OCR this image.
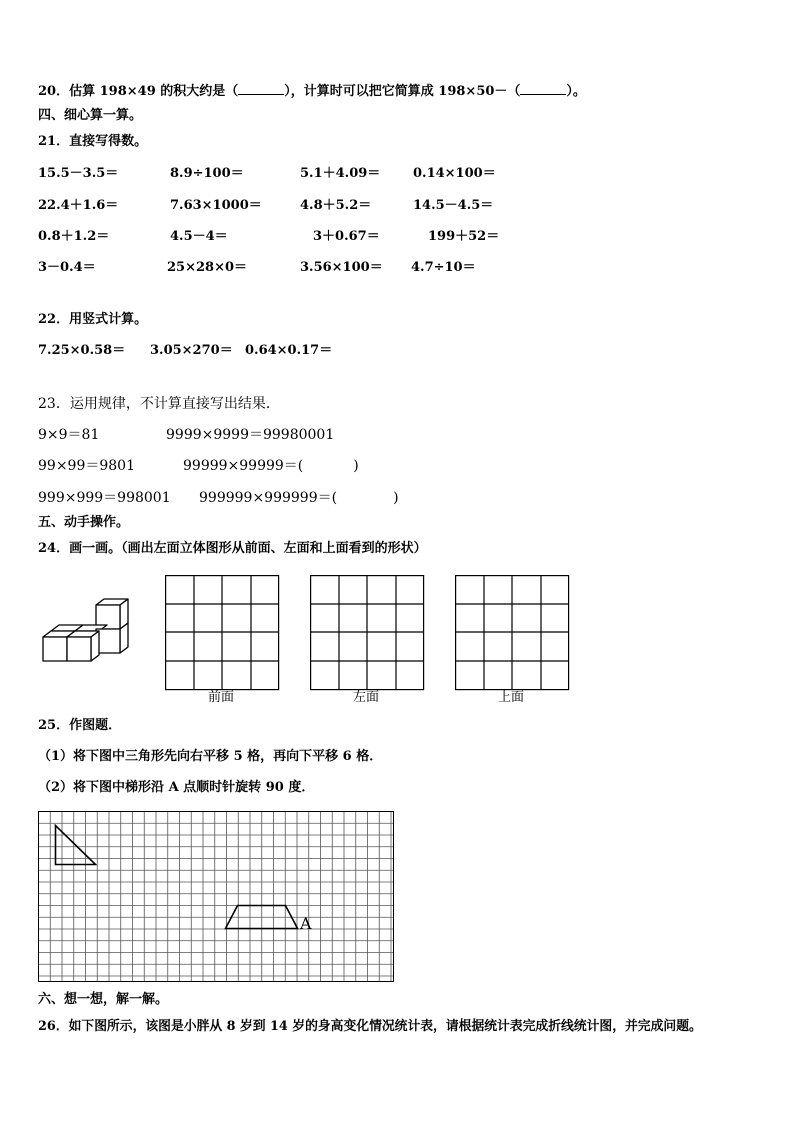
20．估算 198×49 的积大约是（	），计算时可以把它简算成 198×50－（	）。
四、细心算一算。
21．直接写得数。
15.5－3.5＝	8.9÷100＝	5.1＋4.09＝	0.14×100＝
22.4＋1.6＝	7.63×1000＝	4.8＋5.2＝	14.5－4.5＝
0.8＋1.2＝	4.5－4＝	3＋0.67＝	199＋52＝
3－0.4＝	25×28×0＝	3.56×100＝ 4.7÷10＝
22．用竖式计算。
7.25×0.58＝ 3.05×270＝ 0.64×0.17＝
23．运用规律，不计算直接写出结果．
9×9＝81	9999×9999＝99980001
99×99＝9801	99999×99999＝(	)
999×999＝998001 999999×999999＝(	)
五、动手操作。
24．画一画。（画出左面立体图形从前面、左面和上面看到的形状）
前面	左面	上面
25．作图题．
（1）将下图中三角形先向右平移 5 格，再向下平移 6 格．
（2）将下图中梯形沿 A 点顺时针旋转 90 度．
A
六、想一想，解一解。
26．如下图所示，该图是小胖从 8 岁到 14 岁的身高变化情况统计表，请根据统计表完成折线统计图，并完成问题。
